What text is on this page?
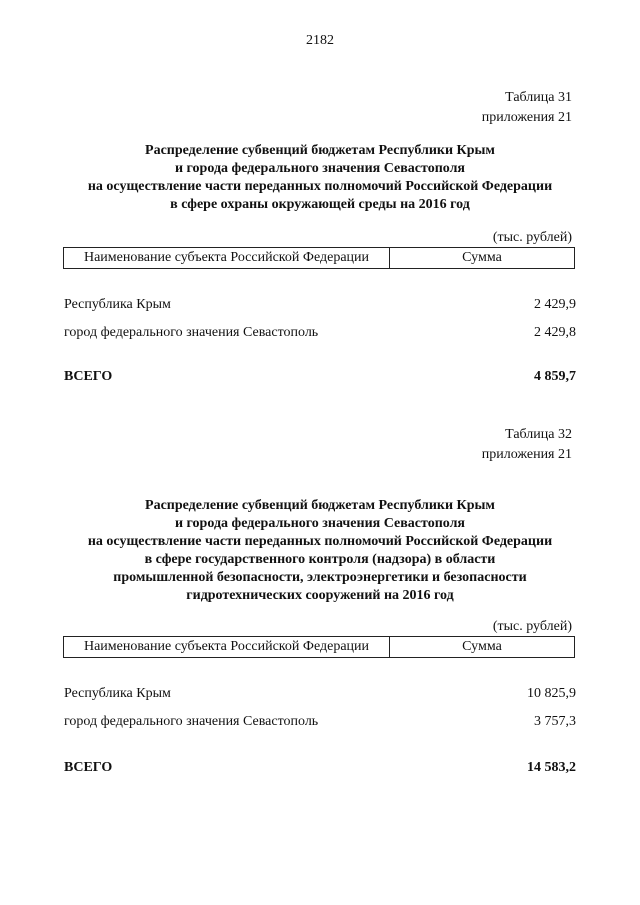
2182
Таблица 31
приложения 21
Распределение субвенций бюджетам Республики Крым
и города федерального значения Севастополя
на осуществление части переданных полномочий Российской Федерации
в сфере охраны окружающей среды на 2016 год
(тыс. рублей)
Наименование субъекта Российской Федерации	Сумма
Республика Крым	2 429,9
город федерального значения Севастополь	2 429,8
ВСЕГО	4 859,7
Таблица 32
приложения 21
Распределение субвенций бюджетам Республики Крым
и города федерального значения Севастополя
на осуществление части переданных полномочий Российской Федерации
в сфере государственного контроля (надзора) в области
промышленной безопасности, электроэнергетики и безопасности
гидротехнических сооружений на 2016 год
(тыс. рублей)
Наименование субъекта Российской Федерации	Сумма
Республика Крым	10 825,9
город федерального значения Севастополь	3 757,3
ВСЕГО	14 583,2
